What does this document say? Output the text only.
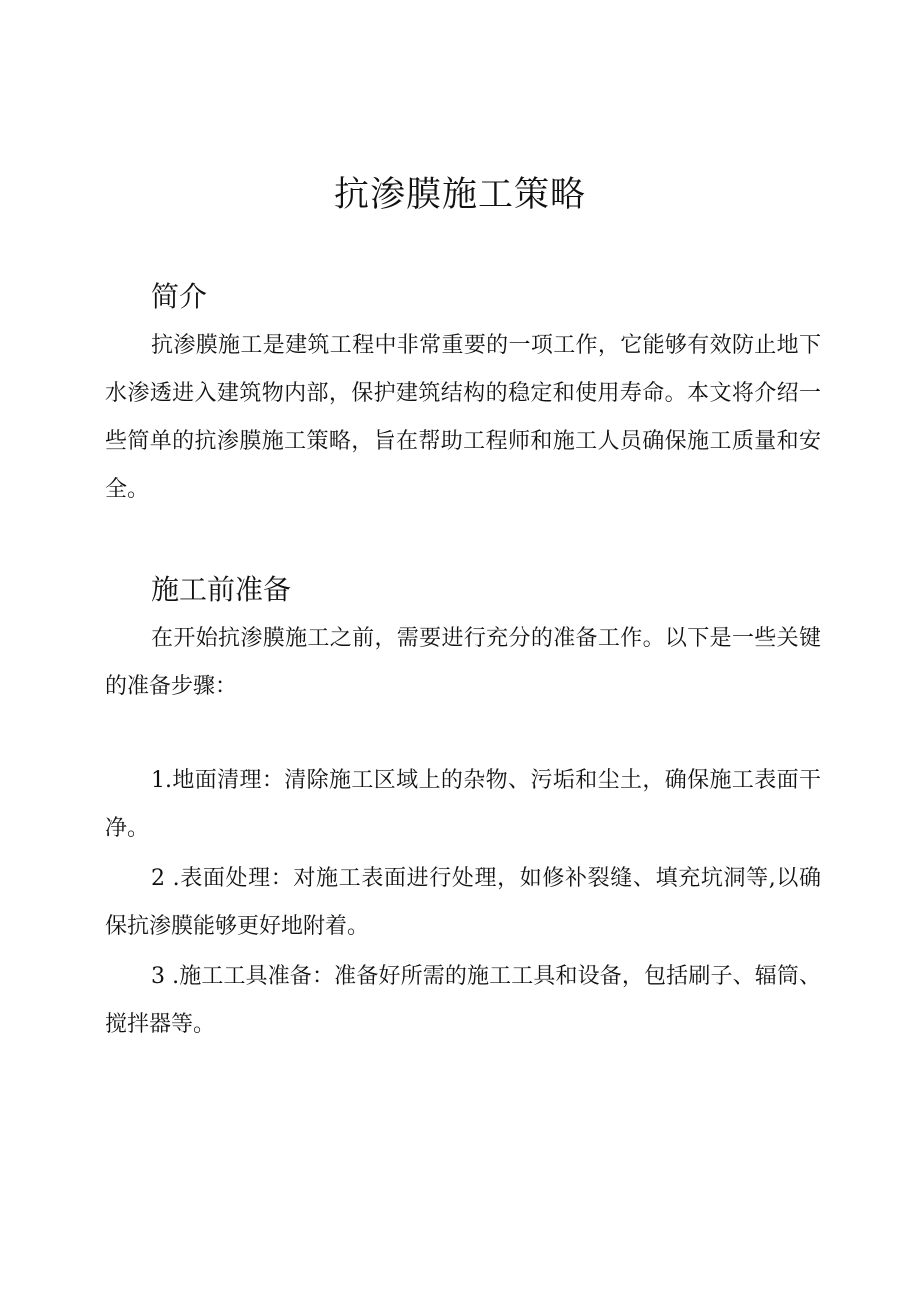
抗渗膜施工策略
简介

抗渗膜施工是建筑工程中非常重要的一项工作，它能够有效防止地下水渗透进入建筑物内部，保护建筑结构的稳定和使用寿命。本文将介绍一些简单的抗渗膜施工策略，旨在帮助工程师和施工人员确保施工质量和安全。

施工前准备

在开始抗渗膜施工之前，需要进行充分的准备工作。以下是一些关键的准备步骤：

1.地面清理：清除施工区域上的杂物、污垢和尘土，确保施工表面干净。

2 .表面处理：对施工表面进行处理，如修补裂缝、填充坑洞等,以确保抗渗膜能够更好地附着。

3 .施工工具准备：准备好所需的施工工具和设备，包括刷子、辐筒、搅拌器等。
